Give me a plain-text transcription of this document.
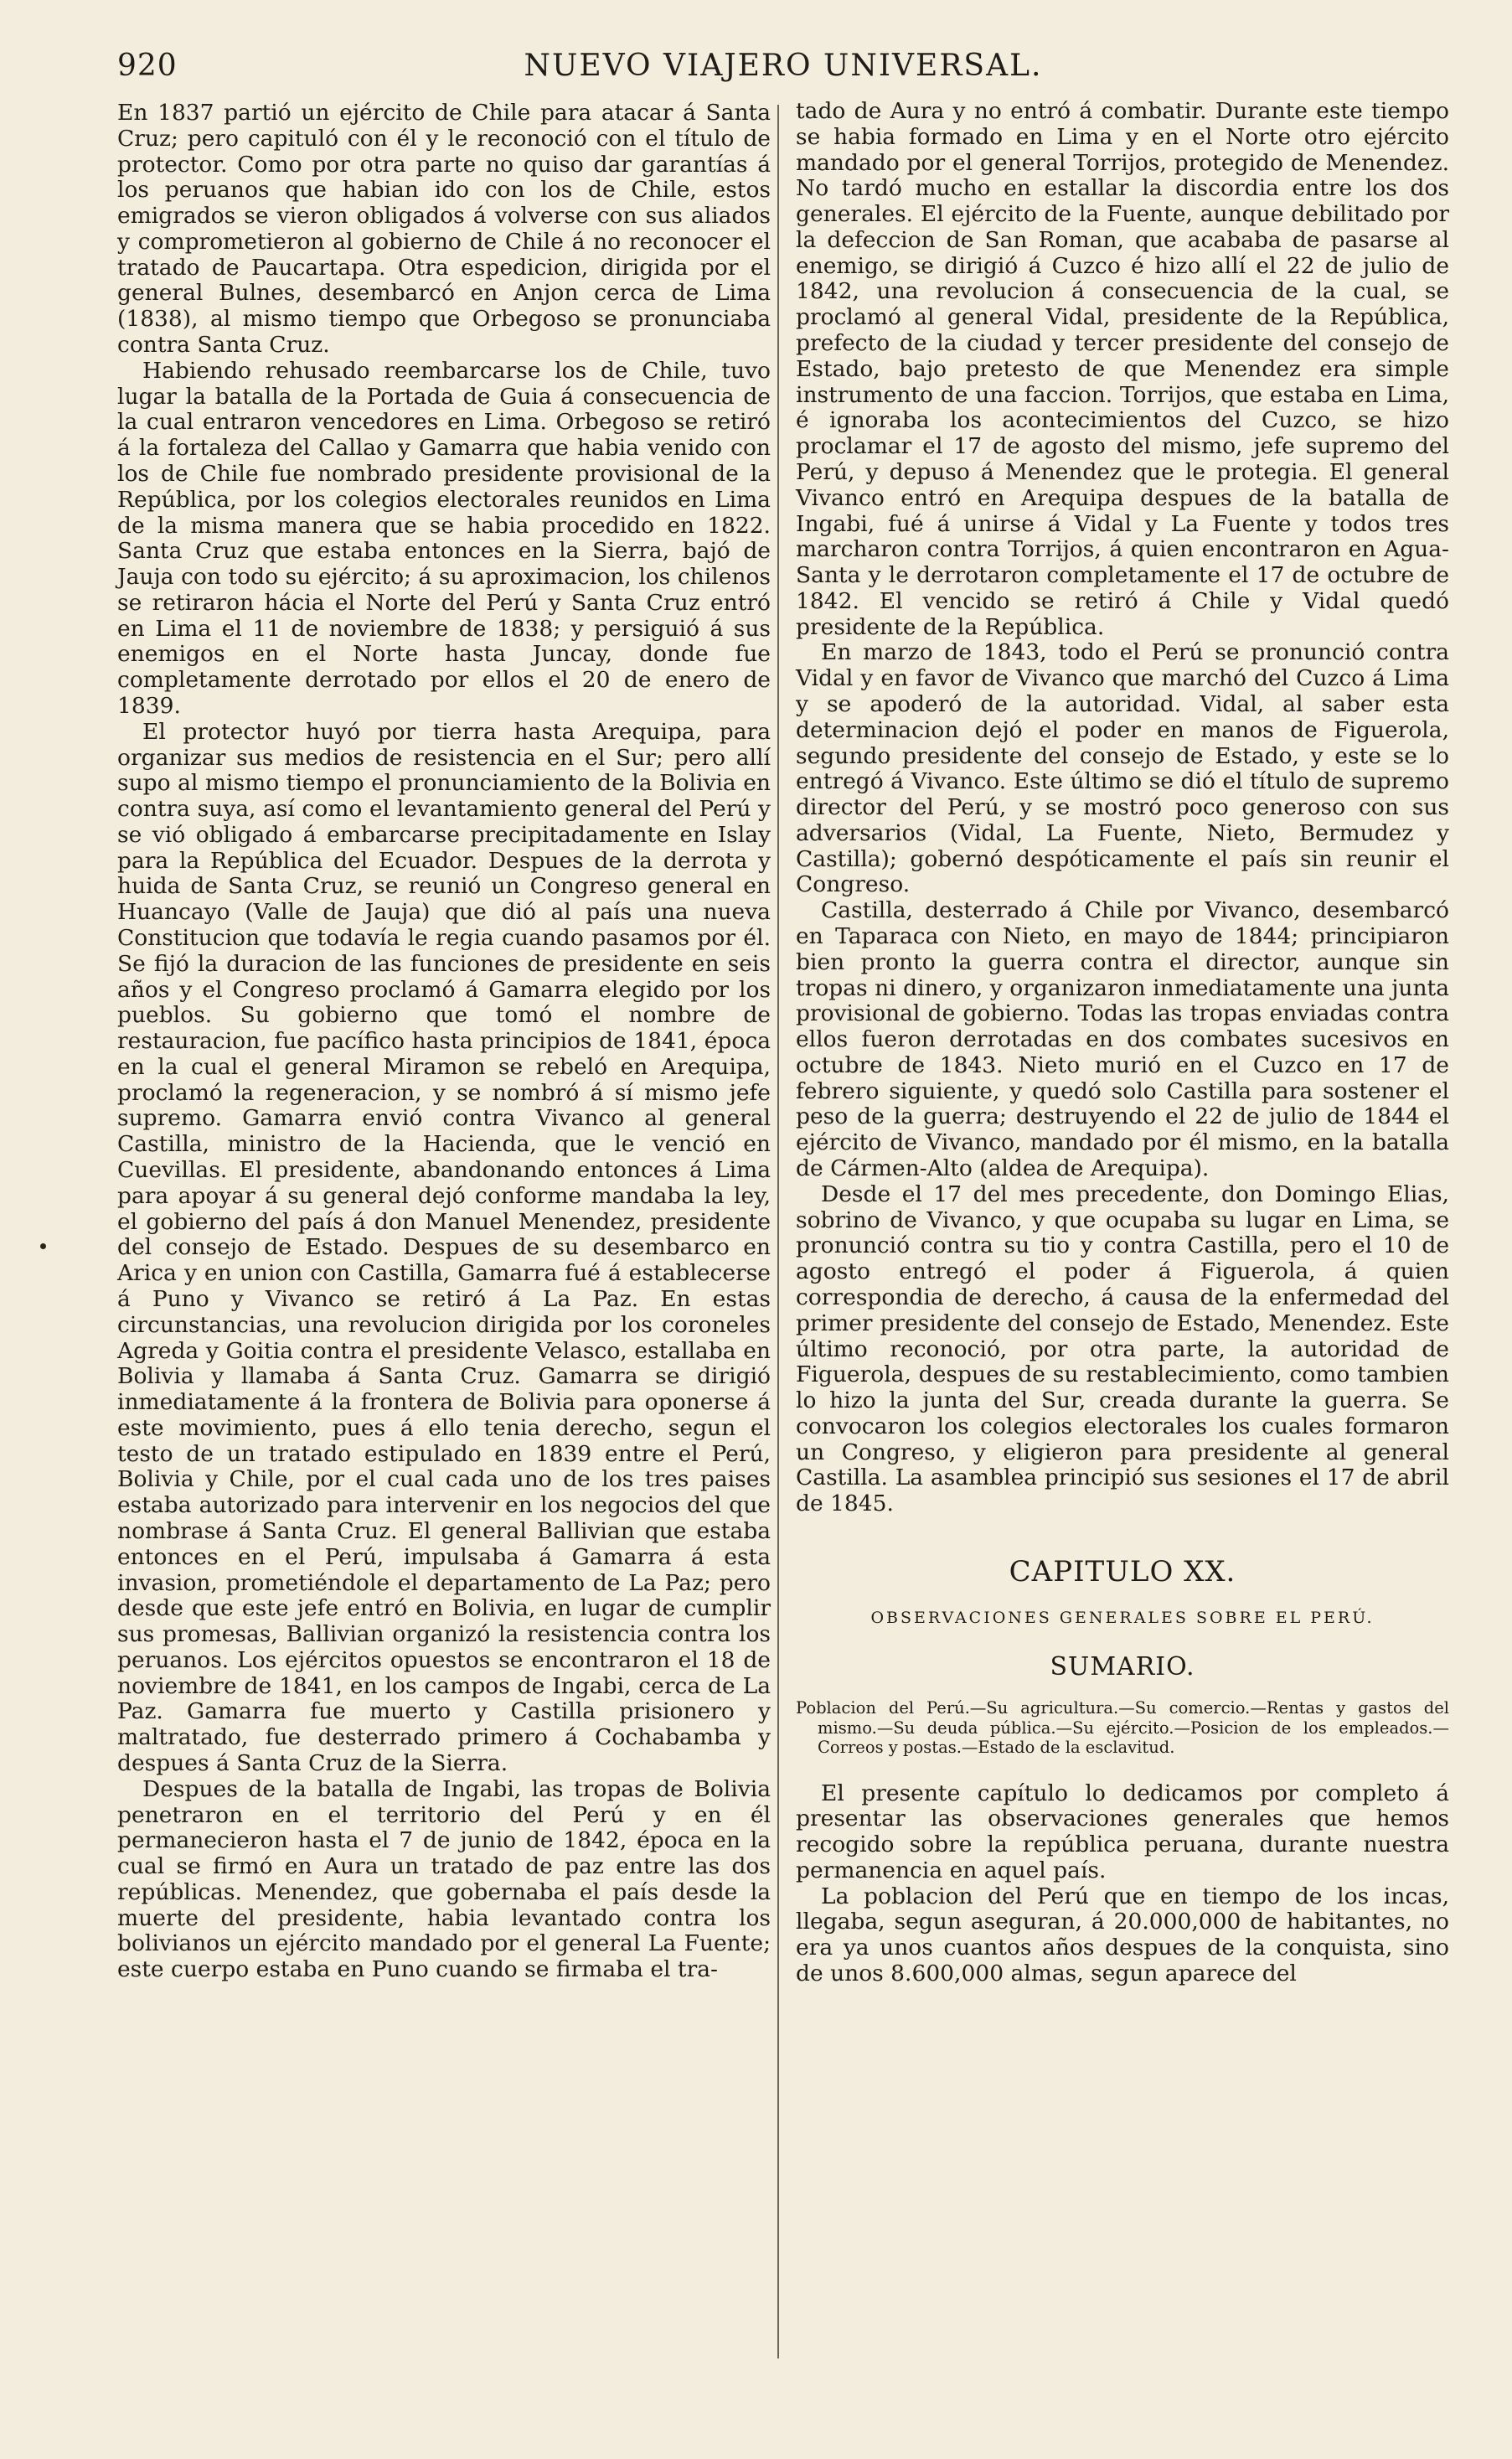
920	NUEVO VIAJERO UNIVERSAL.

En 1837 partió un ejército de Chile para atacar á Santa Cruz; pero capituló con él y le reconoció con el título de protector. Como por otra parte no quiso dar garantías á los peruanos que habian ido con los de Chile, estos emigrados se vieron obligados á volverse con sus aliados y comprometieron al gobierno de Chile á no reconocer el tratado de Paucartapa. Otra espedicion, dirigida por el general Bulnes, desembarcó en Anjon cerca de Lima (1838), al mismo tiempo que Orbegoso se pronunciaba contra Santa Cruz.

Habiendo rehusado reembarcarse los de Chile, tuvo lugar la batalla de la Portada de Guia á consecuencia de la cual entraron vencedores en Lima. Orbegoso se retiró á la fortaleza del Callao y Gamarra que habia venido con los de Chile fue nombrado presidente provisional de la República, por los colegios electorales reunidos en Lima de la misma manera que se habia procedido en 1822. Santa Cruz que estaba entonces en la Sierra, bajó de Jauja con todo su ejército; á su aproximacion, los chilenos se retiraron hácia el Norte del Perú y Santa Cruz entró en Lima el 11 de noviembre de 1838; y persiguió á sus enemigos en el Norte hasta Juncay, donde fue completamente derrotado por ellos el 20 de enero de 1839.

El protector huyó por tierra hasta Arequipa, para organizar sus medios de resistencia en el Sur; pero allí supo al mismo tiempo el pronunciamiento de la Bolivia en contra suya, así como el levantamiento general del Perú y se vió obligado á embarcarse precipitadamente en Islay para la República del Ecuador. Despues de la derrota y huida de Santa Cruz, se reunió un Congreso general en Huancayo (Valle de Jauja) que dió al país una nueva Constitucion que todavía le regia cuando pasamos por él. Se fijó la duracion de las funciones de presidente en seis años y el Congreso proclamó á Gamarra elegido por los pueblos. Su gobierno que tomó el nombre de restauracion, fue pacífico hasta principios de 1841, época en la cual el general Miramon se rebeló en Arequipa, proclamó la regeneracion, y se nombró á sí mismo jefe supremo. Gamarra envió contra Vivanco al general Castilla, ministro de la Hacienda, que le venció en Cuevillas. El presidente, abandonando entonces á Lima para apoyar á su general dejó conforme mandaba la ley, el gobierno del país á don Manuel Menendez, presidente del consejo de Estado. Despues de su desembarco en Arica y en union con Castilla, Gamarra fué á establecerse á Puno y Vivanco se retiró á La Paz. En estas circunstancias, una revolucion dirigida por los coroneles Agreda y Goitia contra el presidente Velasco, estallaba en Bolivia y llamaba á Santa Cruz. Gamarra se dirigió inmediatamente á la frontera de Bolivia para oponerse á este movimiento, pues á ello tenia derecho, segun el testo de un tratado estipulado en 1839 entre el Perú, Bolivia y Chile, por el cual cada uno de los tres paises estaba autorizado para intervenir en los negocios del que nombrase á Santa Cruz. El general Ballivian que estaba entonces en el Perú, impulsaba á Gamarra á esta invasion, prometiéndole el departamento de La Paz; pero desde que este jefe entró en Bolivia, en lugar de cumplir sus promesas, Ballivian organizó la resistencia contra los peruanos. Los ejércitos opuestos se encontraron el 18 de noviembre de 1841, en los campos de Ingabi, cerca de La Paz. Gamarra fue muerto y Castilla prisionero y maltratado, fue desterrado primero á Cochabamba y despues á Santa Cruz de la Sierra.

Despues de la batalla de Ingabi, las tropas de Bolivia penetraron en el territorio del Perú y en él permanecieron hasta el 7 de junio de 1842, época en la cual se firmó en Aura un tratado de paz entre las dos repúblicas. Menendez, que gobernaba el país desde la muerte del presidente, habia levantado contra los bolivianos un ejército mandado por el general La Fuente; este cuerpo estaba en Puno cuando se firmaba el tra-

tado de Aura y no entró á combatir. Durante este tiempo se habia formado en Lima y en el Norte otro ejército mandado por el general Torrijos, protegido de Menendez. No tardó mucho en estallar la discordia entre los dos generales. El ejército de la Fuente, aunque debilitado por la defeccion de San Roman, que acababa de pasarse al enemigo, se dirigió á Cuzco é hizo allí el 22 de julio de 1842, una revolucion á consecuencia de la cual, se proclamó al general Vidal, presidente de la República, prefecto de la ciudad y tercer presidente del consejo de Estado, bajo pretesto de que Menendez era simple instrumento de una faccion. Torrijos, que estaba en Lima, é ignoraba los acontecimientos del Cuzco, se hizo proclamar el 17 de agosto del mismo, jefe supremo del Perú, y depuso á Menendez que le protegia. El general Vivanco entró en Arequipa despues de la batalla de Ingabi, fué á unirse á Vidal y La Fuente y todos tres marcharon contra Torrijos, á quien encontraron en Agua-Santa y le derrotaron completamente el 17 de octubre de 1842. El vencido se retiró á Chile y Vidal quedó presidente de la República.

En marzo de 1843, todo el Perú se pronunció contra Vidal y en favor de Vivanco que marchó del Cuzco á Lima y se apoderó de la autoridad. Vidal, al saber esta determinacion dejó el poder en manos de Figuerola, segundo presidente del consejo de Estado, y este se lo entregó á Vivanco. Este último se dió el título de supremo director del Perú, y se mostró poco generoso con sus adversarios (Vidal, La Fuente, Nieto, Bermudez y Castilla); gobernó despóticamente el país sin reunir el Congreso.

Castilla, desterrado á Chile por Vivanco, desembarcó en Taparaca con Nieto, en mayo de 1844; principiaron bien pronto la guerra contra el director, aunque sin tropas ni dinero, y organizaron inmediatamente una junta provisional de gobierno. Todas las tropas enviadas contra ellos fueron derrotadas en dos combates sucesivos en octubre de 1843. Nieto murió en el Cuzco en 17 de febrero siguiente, y quedó solo Castilla para sostener el peso de la guerra; destruyendo el 22 de julio de 1844 el ejército de Vivanco, mandado por él mismo, en la batalla de Cármen-Alto (aldea de Arequipa).

Desde el 17 del mes precedente, don Domingo Elias, sobrino de Vivanco, y que ocupaba su lugar en Lima, se pronunció contra su tio y contra Castilla, pero el 10 de agosto entregó el poder á Figuerola, á quien correspondia de derecho, á causa de la enfermedad del primer presidente del consejo de Estado, Menendez. Este último reconoció, por otra parte, la autoridad de Figuerola, despues de su restablecimiento, como tambien lo hizo la junta del Sur, creada durante la guerra. Se convocaron los colegios electorales los cuales formaron un Congreso, y eligieron para presidente al general Castilla. La asamblea principió sus sesiones el 17 de abril de 1845.

CAPITULO XX.
OBSERVACIONES GENERALES SOBRE EL PERÚ.
SUMARIO.
Poblacion del Perú.—Su agricultura.—Su comercio.—Rentas y gastos del mismo.—Su deuda pública.—Su ejército.—Posicion de los empleados.—Correos y postas.—Estado de la esclavitud.

El presente capítulo lo dedicamos por completo á presentar las observaciones generales que hemos recogido sobre la república peruana, durante nuestra permanencia en aquel país.

La poblacion del Perú que en tiempo de los incas, llegaba, segun aseguran, á 20.000,000 de habitantes, no era ya unos cuantos años despues de la conquista, sino de unos 8.600,000 almas, segun aparece del
